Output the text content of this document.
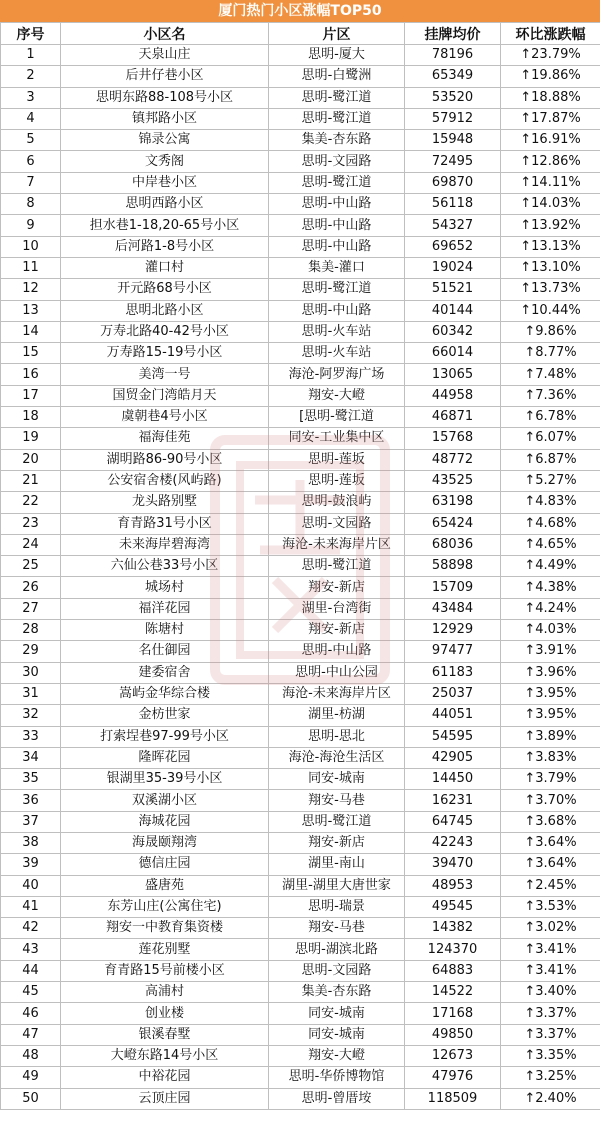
厦门热门小区涨幅TOP50
序号	小区名	片区	挂牌均价	环比涨跌幅
1	天泉山庄	思明-厦大	78196	↑23.79%
2	后井仔巷小区	思明-白鹭洲	65349	↑19.86%
3	思明东路88-108号小区	思明-鹭江道	53520	↑18.88%
4	镇邦路小区	思明-鹭江道	57912	↑17.87%
5	锦录公寓	集美-杏东路	15948	↑16.91%
6	文秀阁	思明-文园路	72495	↑12.86%
7	中岸巷小区	思明-鹭江道	69870	↑14.11%
8	思明西路小区	思明-中山路	56118	↑14.03%
9	担水巷1-18,20-65号小区	思明-中山路	54327	↑13.92%
10	后河路1-8号小区	思明-中山路	69652	↑13.13%
11	灌口村	集美-灌口	19024	↑13.10%
12	开元路68号小区	思明-鹭江道	51521	↑13.73%
13	思明北路小区	思明-中山路	40144	↑10.44%
14	万寿北路40-42号小区	思明-火车站	60342	↑9.86%
15	万寿路15-19号小区	思明-火车站	66014	↑8.77%
16	美湾一号	海沧-阿罗海广场	13065	↑7.48%
17	国贸金门湾皓月天	翔安-大嶝	44958	↑7.36%
18	虞朝巷4号小区	[思明-鹭江道	46871	↑6.78%
19	福海佳苑	同安-工业集中区	15768	↑6.07%
20	湖明路86-90号小区	思明-莲坂	48772	↑6.87%
21	公安宿舍楼(风屿路)	思明-莲坂	43525	↑5.27%
22	龙头路别墅	思明-鼓浪屿	63198	↑4.83%
23	育青路31号小区	思明-文园路	65424	↑4.68%
24	未来海岸碧海湾	海沧-未来海岸片区	68036	↑4.65%
25	六仙公巷33号小区	思明-鹭江道	58898	↑4.49%
26	城场村	翔安-新店	15709	↑4.38%
27	福洋花园	湖里-台湾街	43484	↑4.24%
28	陈塘村	翔安-新店	12929	↑4.03%
29	名仕御园	思明-中山路	97477	↑3.91%
30	建委宿舍	思明-中山公园	61183	↑3.96%
31	嵩屿金华综合楼	海沧-未来海岸片区	25037	↑3.95%
32	金枋世家	湖里-枋湖	44051	↑3.95%
33	打索埕巷97-99号小区	思明-思北	54595	↑3.89%
34	隆晖花园	海沧-海沧生活区	42905	↑3.83%
35	银湖里35-39号小区	同安-城南	14450	↑3.79%
36	双溪湖小区	翔安-马巷	16231	↑3.70%
37	海城花园	思明-鹭江道	64745	↑3.68%
38	海晟颐翔湾	翔安-新店	42243	↑3.64%
39	德信庄园	湖里-南山	39470	↑3.64%
40	盛唐苑	湖里-湖里大唐世家	48953	↑2.45%
41	东芳山庄(公寓住宅)	思明-瑞景	49545	↑3.53%
42	翔安一中教育集资楼	翔安-马巷	14382	↑3.02%
43	莲花别墅	思明-湖滨北路	124370	↑3.41%
44	育青路15号前楼小区	思明-文园路	64883	↑3.41%
45	高浦村	集美-杏东路	14522	↑3.40%
46	创业楼	同安-城南	17168	↑3.37%
47	银溪春墅	同安-城南	49850	↑3.37%
48	大嶝东路14号小区	翔安-大嶝	12673	↑3.35%
49	中裕花园	思明-华侨博物馆	47976	↑3.25%
50	云顶庄园	思明-曾厝垵	118509	↑2.40%
